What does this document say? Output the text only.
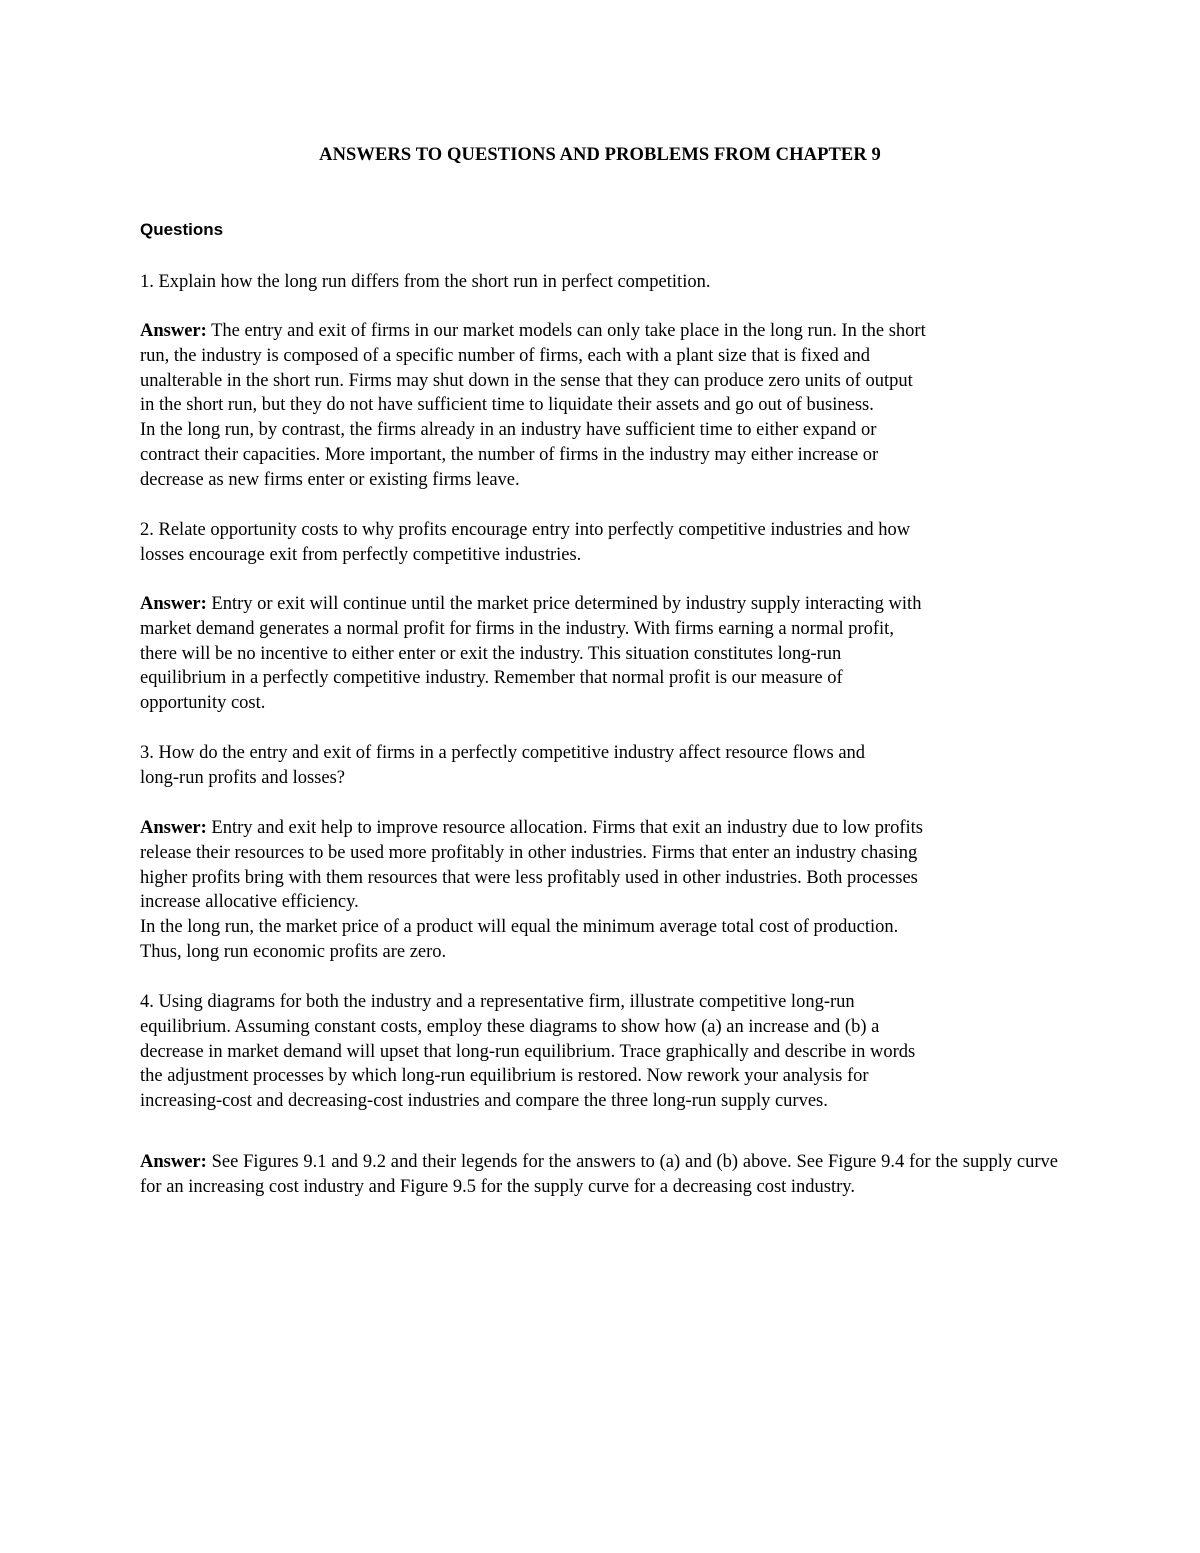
ANSWERS TO QUESTIONS AND PROBLEMS FROM CHAPTER 9
Questions
1. Explain how the long run differs from the short run in perfect competition.
Answer: The entry and exit of firms in our market models can only take place in the long run. In the short
run, the industry is composed of a specific number of firms, each with a plant size that is fixed and
unalterable in the short run. Firms may shut down in the sense that they can produce zero units of output
in the short run, but they do not have sufficient time to liquidate their assets and go out of business.
In the long run, by contrast, the firms already in an industry have sufficient time to either expand or
contract their capacities. More important, the number of firms in the industry may either increase or
decrease as new firms enter or existing firms leave.
2. Relate opportunity costs to why profits encourage entry into perfectly competitive industries and how
losses encourage exit from perfectly competitive industries.
Answer: Entry or exit will continue until the market price determined by industry supply interacting with
market demand generates a normal profit for firms in the industry. With firms earning a normal profit,
there will be no incentive to either enter or exit the industry. This situation constitutes long-run
equilibrium in a perfectly competitive industry. Remember that normal profit is our measure of
opportunity cost.
3. How do the entry and exit of firms in a perfectly competitive industry affect resource flows and
long-run profits and losses?
Answer: Entry and exit help to improve resource allocation. Firms that exit an industry due to low profits
release their resources to be used more profitably in other industries. Firms that enter an industry chasing
higher profits bring with them resources that were less profitably used in other industries. Both processes
increase allocative efficiency.
In the long run, the market price of a product will equal the minimum average total cost of production.
Thus, long run economic profits are zero.
4. Using diagrams for both the industry and a representative firm, illustrate competitive long-run
equilibrium. Assuming constant costs, employ these diagrams to show how (a) an increase and (b) a
decrease in market demand will upset that long-run equilibrium. Trace graphically and describe in words
the adjustment processes by which long-run equilibrium is restored. Now rework your analysis for
increasing-cost and decreasing-cost industries and compare the three long-run supply curves.

Answer: See Figures 9.1 and 9.2 and their legends for the answers to (a) and (b) above. See Figure 9.4 for the supply curve for an increasing cost industry and Figure 9.5 for the supply curve for a decreasing cost industry.
